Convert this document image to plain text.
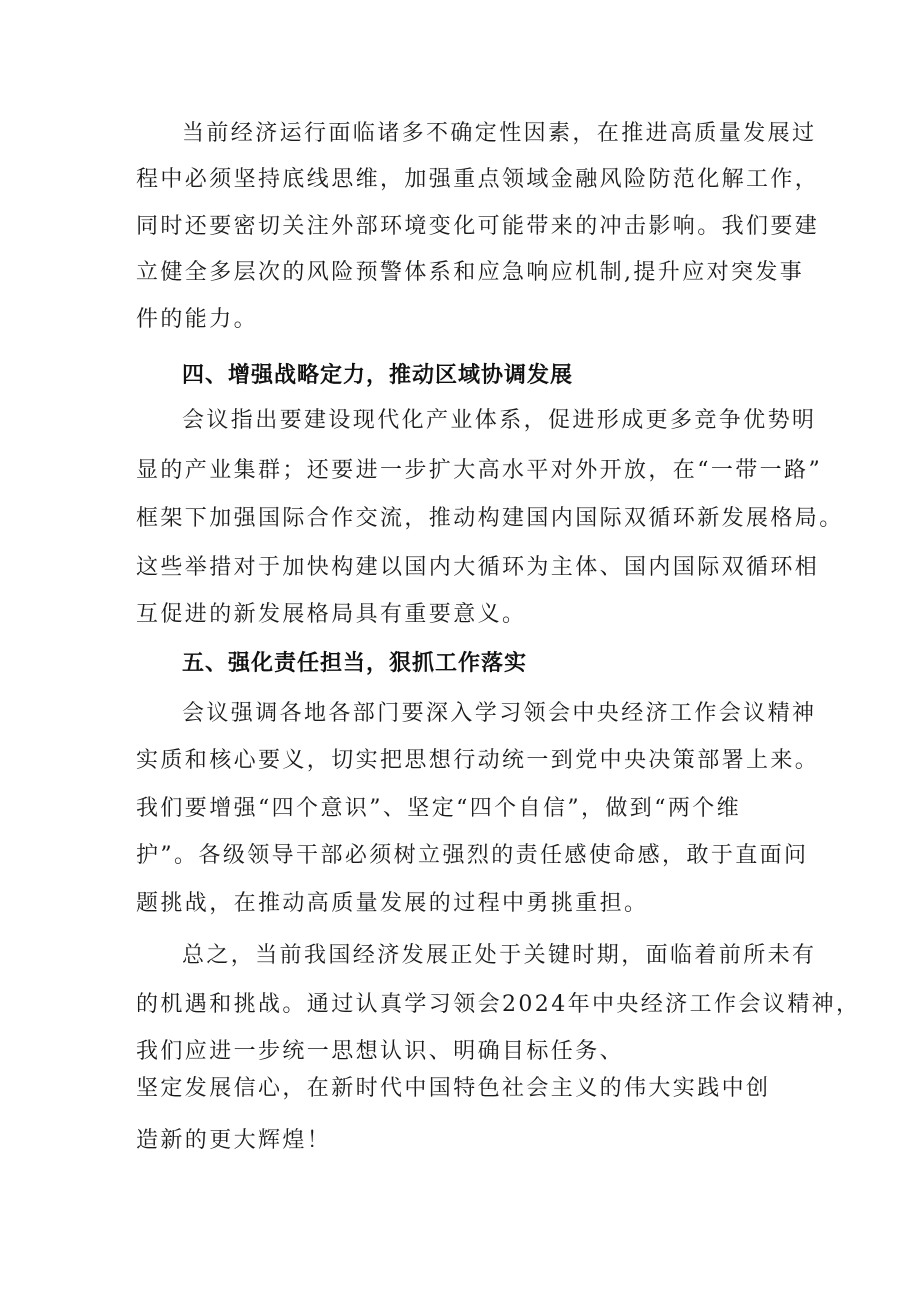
当前经济运行面临诸多不确定性因素，在推进高质量发展过
程中必须坚持底线思维，加强重点领域金融风险防范化解工作，
同时还要密切关注外部环境变化可能带来的冲击影响。我们要建
立健全多层次的风险预警体系和应急响应机制,提升应对突发事
件的能力。
四、增强战略定力，推动区域协调发展
会议指出要建设现代化产业体系，促进形成更多竞争优势明
显的产业集群；还要进一步扩大高水平对外开放，在“一带一路”
框架下加强国际合作交流，推动构建国内国际双循环新发展格局。
这些举措对于加快构建以国内大循环为主体、国内国际双循环相
互促进的新发展格局具有重要意义。
五、强化责任担当，狠抓工作落实
会议强调各地各部门要深入学习领会中央经济工作会议精神
实质和核心要义，切实把思想行动统一到党中央决策部署上来。
我们要增强“四个意识”、坚定“四个自信”，做到“两个维
护”。各级领导干部必须树立强烈的责任感使命感，敢于直面问
题挑战，在推动高质量发展的过程中勇挑重担。
总之，当前我国经济发展正处于关键时期，面临着前所未有
的机遇和挑战。通过认真学习领会2024年中央经济工作会议精神，
我们应进一步统一思想认识、明确目标任务、
坚定发展信心，在新时代中国特色社会主义的伟大实践中创
造新的更大辉煌！
